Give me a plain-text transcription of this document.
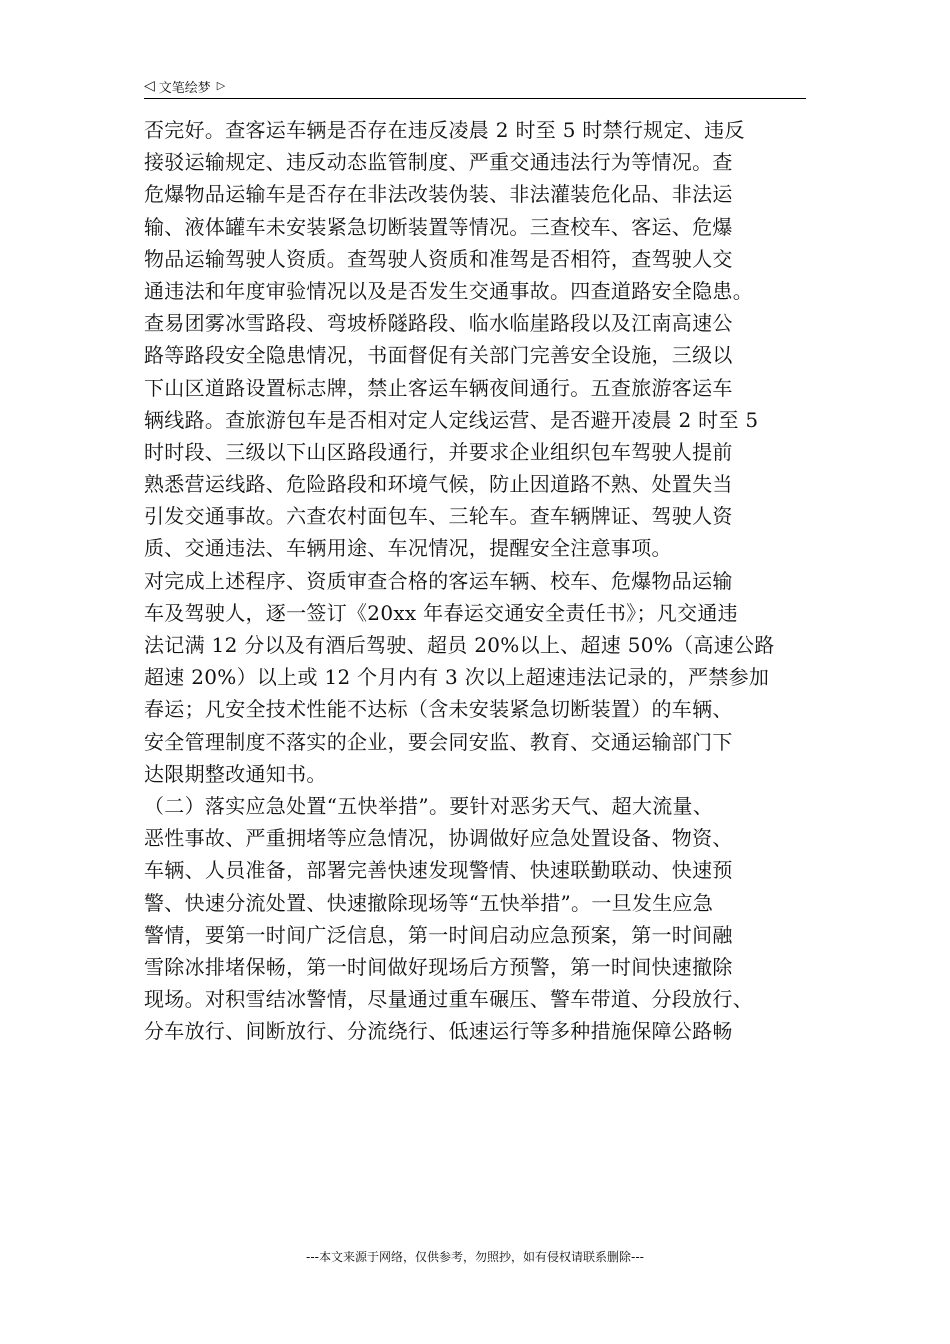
◁ 文笔绘梦 ▷
否完好。查客运车辆是否存在违反凌晨 2 时至 5 时禁行规定、违反
接驳运输规定、违反动态监管制度、严重交通违法行为等情况。查
危爆物品运输车是否存在非法改装伪装、非法灌装危化品、非法运
输、液体罐车未安装紧急切断装置等情况。三查校车、客运、危爆
物品运输驾驶人资质。查驾驶人资质和准驾是否相符，查驾驶人交
通违法和年度审验情况以及是否发生交通事故。四查道路安全隐患。
查易团雾冰雪路段、弯坡桥隧路段、临水临崖路段以及江南高速公
路等路段安全隐患情况，书面督促有关部门完善安全设施，三级以
下山区道路设置标志牌，禁止客运车辆夜间通行。五查旅游客运车
辆线路。查旅游包车是否相对定人定线运营、是否避开凌晨 2 时至 5
时时段、三级以下山区路段通行，并要求企业组织包车驾驶人提前
熟悉营运线路、危险路段和环境气候，防止因道路不熟、处置失当
引发交通事故。六查农村面包车、三轮车。查车辆牌证、驾驶人资
质、交通违法、车辆用途、车况情况，提醒安全注意事项。
对完成上述程序、资质审查合格的客运车辆、校车、危爆物品运输
车及驾驶人，逐一签订《20xx 年春运交通安全责任书》；凡交通违
法记满 12 分以及有酒后驾驶、超员 20%以上、超速 50%（高速公路
超速 20%）以上或 12 个月内有 3 次以上超速违法记录的，严禁参加
春运；凡安全技术性能不达标（含未安装紧急切断装置）的车辆、
安全管理制度不落实的企业，要会同安监、教育、交通运输部门下
达限期整改通知书。
（二）落实应急处置“五快举措”。要针对恶劣天气、超大流量、
恶性事故、严重拥堵等应急情况，协调做好应急处置设备、物资、
车辆、人员准备，部署完善快速发现警情、快速联勤联动、快速预
警、快速分流处置、快速撤除现场等“五快举措”。一旦发生应急
警情，要第一时间广泛信息，第一时间启动应急预案，第一时间融
雪除冰排堵保畅，第一时间做好现场后方预警，第一时间快速撤除
现场。对积雪结冰警情，尽量通过重车碾压、警车带道、分段放行、
分车放行、间断放行、分流绕行、低速运行等多种措施保障公路畅
---本文来源于网络，仅供参考，勿照抄，如有侵权请联系删除---
